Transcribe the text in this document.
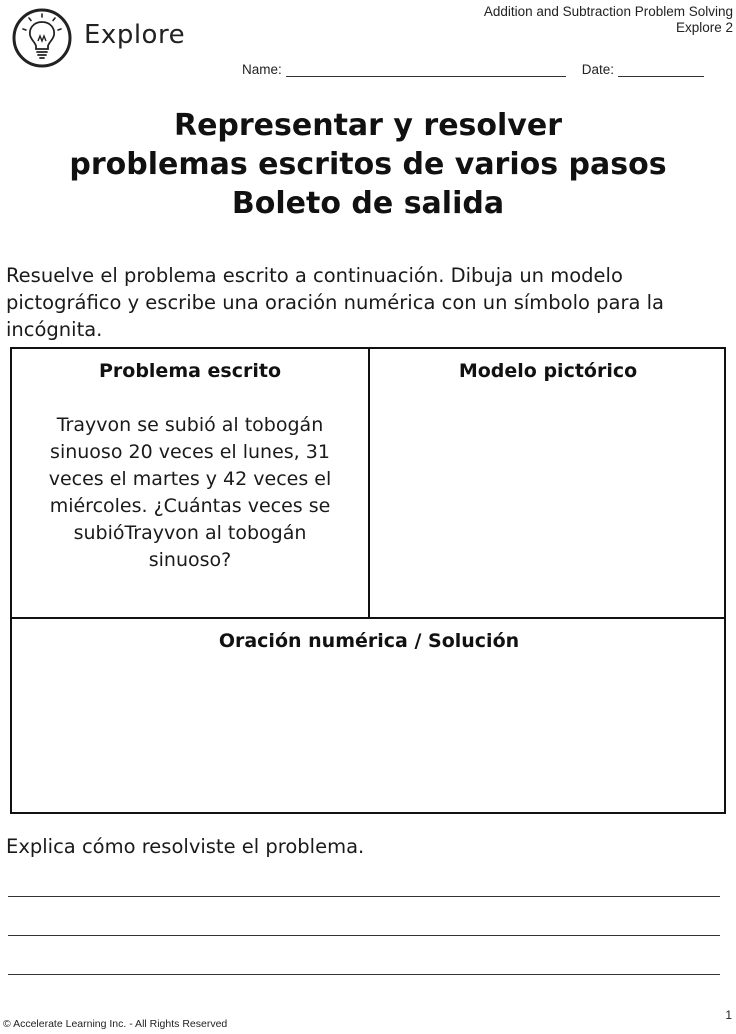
Explore
Addition and Subtraction Problem Solving
Explore 2
Name:	Date:
Representar y resolver
problemas escritos de varios pasos
Boleto de salida
Resuelve el problema escrito a continuación. Dibuja un modelo pictográfico y escribe una oración numérica con un símbolo para la incógnita.
Problema escrito
Trayvon se subió al tobogán sinuoso 20 veces el lunes, 31 veces el martes y 42 veces el miércoles. ¿Cuántas veces se subióTrayvon al tobogán sinuoso?
Modelo pictórico
Oración numérica / Solución
Explica cómo resolviste el problema.
© Accelerate Learning Inc. - All Rights Reserved
1
